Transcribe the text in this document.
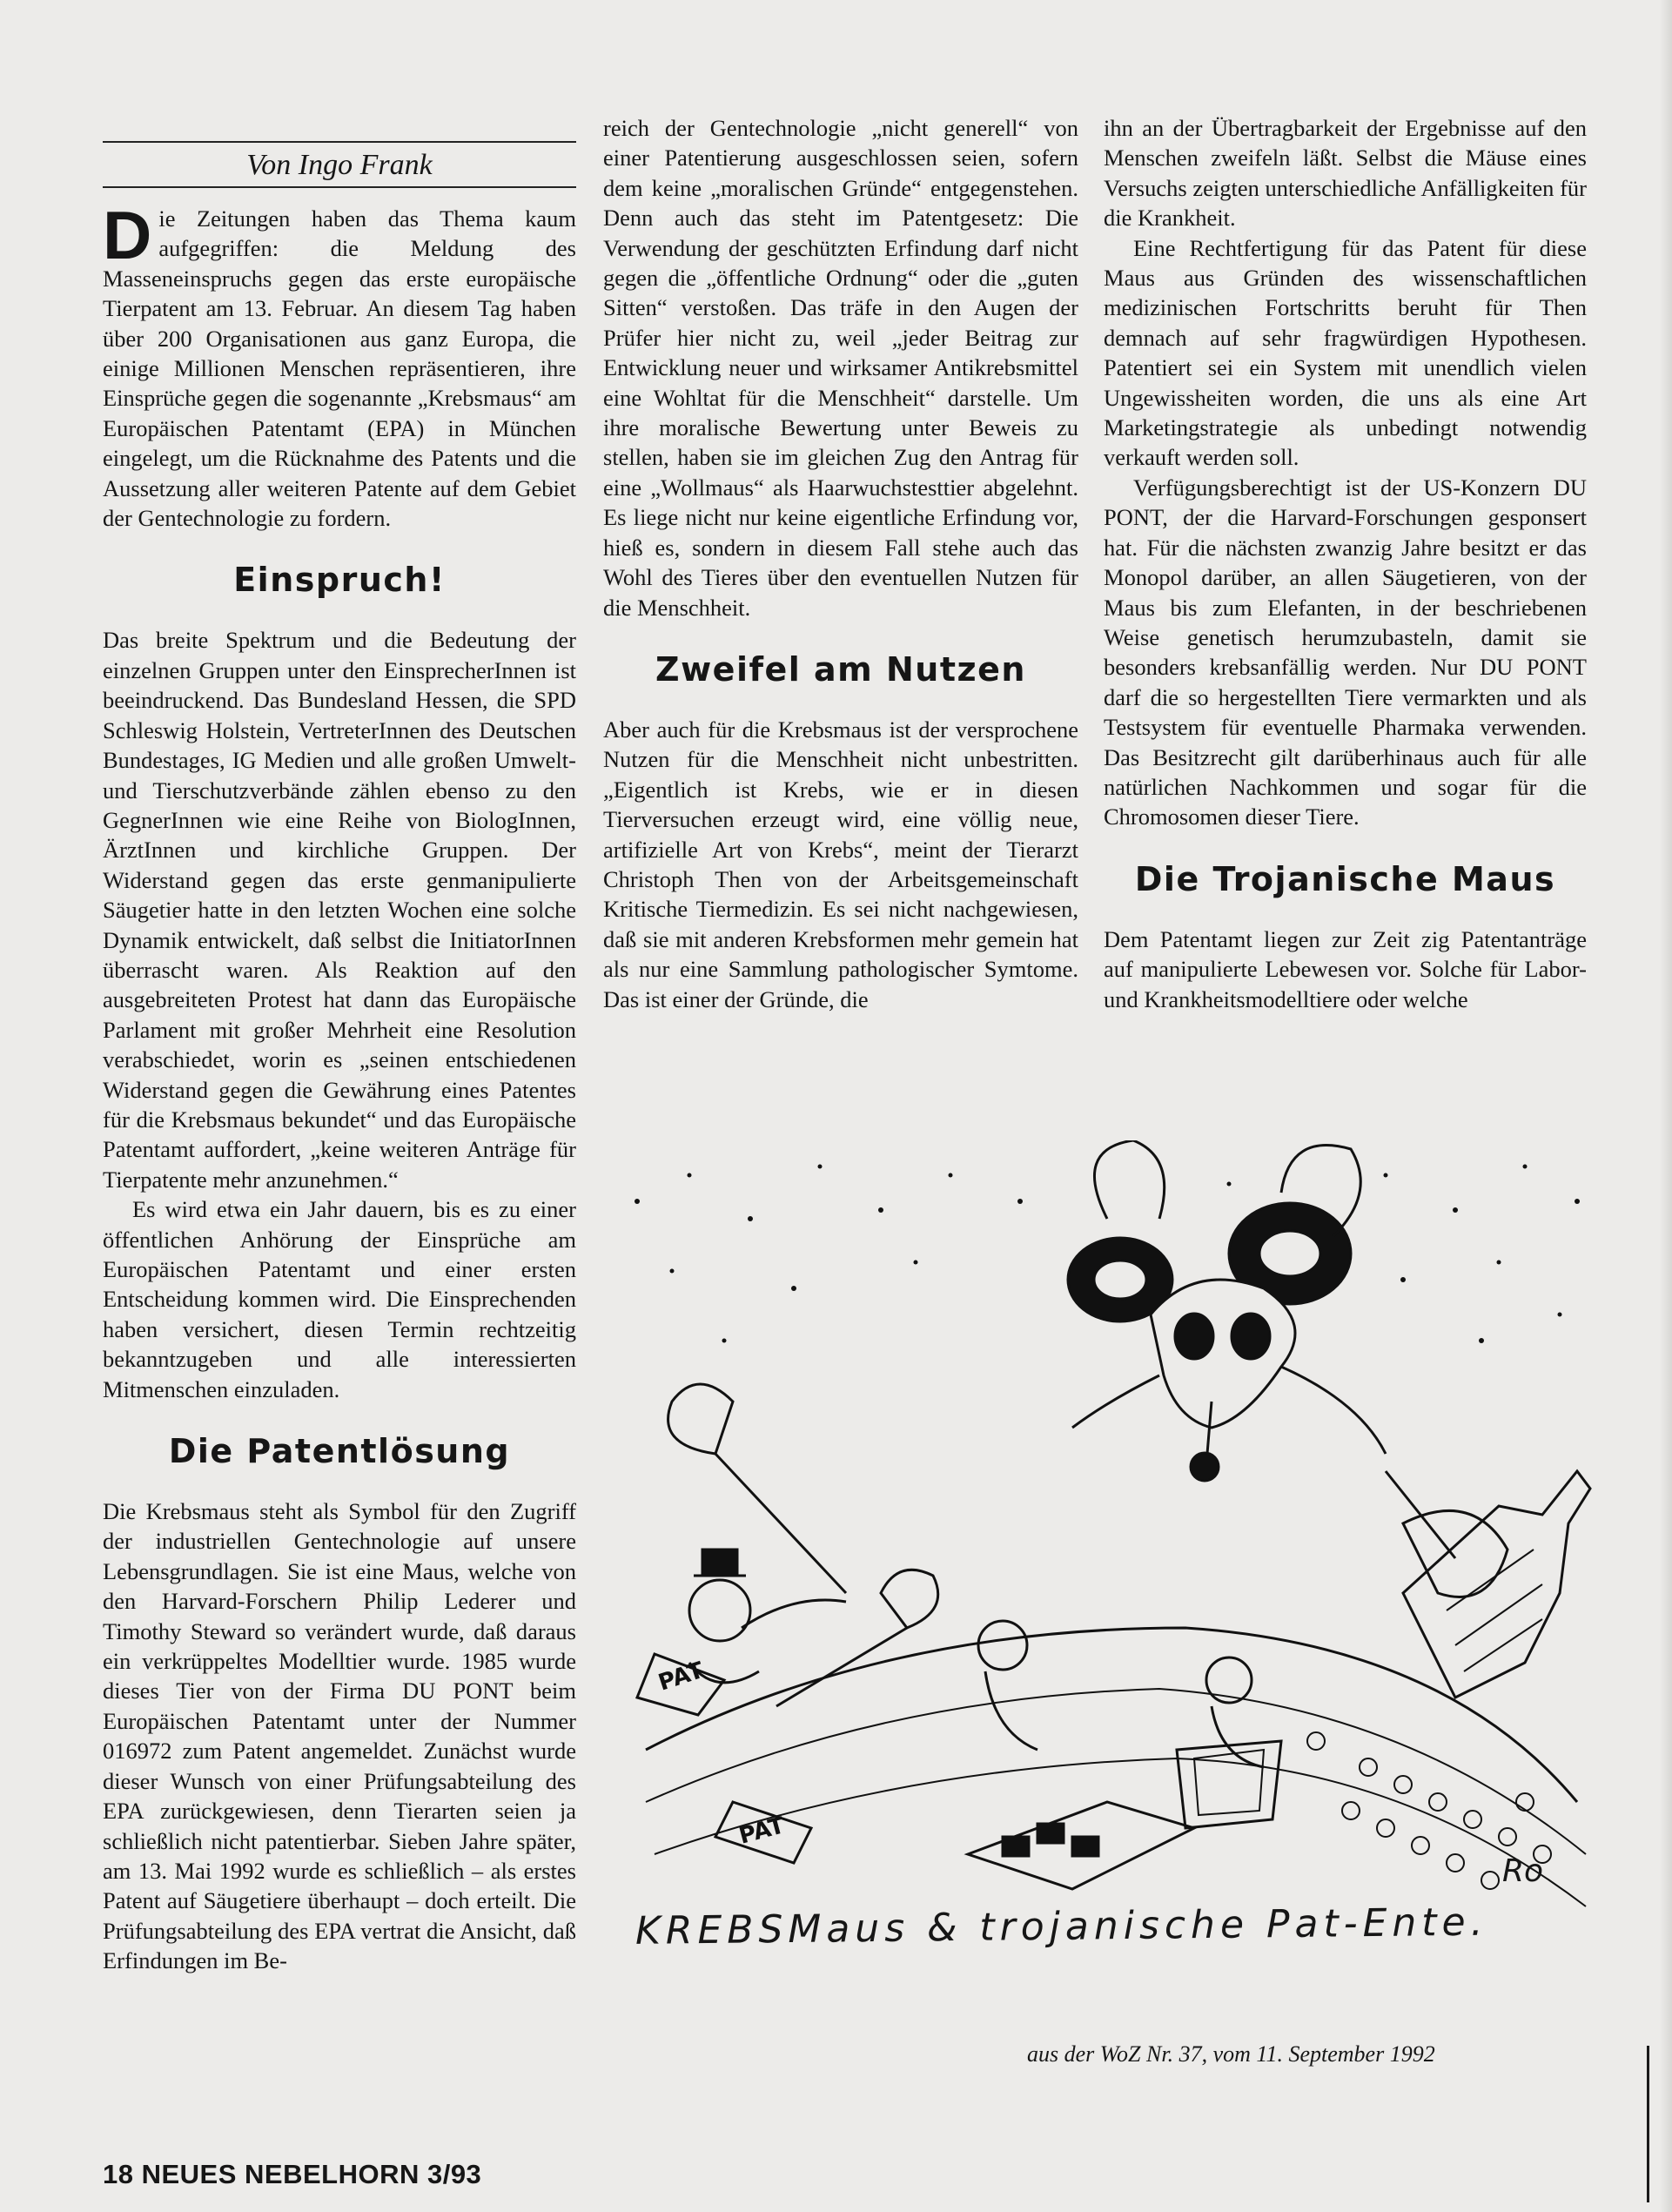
Von Ingo Frank

Die Zeitungen haben das Thema kaum aufgegriffen: die Meldung des Masseneinspruchs gegen das erste europäische Tierpatent am 13. Februar. An diesem Tag haben über 200 Organisationen aus ganz Europa, die einige Millionen Menschen repräsentieren, ihre Einsprüche gegen die sogenannte „Krebsmaus“ am Europäischen Patentamt (EPA) in München eingelegt, um die Rücknahme des Patents und die Aussetzung aller weiteren Patente auf dem Gebiet der Gentechnologie zu fordern.

Einspruch!

Das breite Spektrum und die Bedeutung der einzelnen Gruppen unter den EinsprecherInnen ist beeindruckend. Das Bundesland Hessen, die SPD Schleswig Holstein, VertreterInnen des Deutschen Bundestages, IG Medien und alle großen Umwelt- und Tierschutzverbände zählen ebenso zu den GegnerInnen wie eine Reihe von BiologInnen, ÄrztInnen und kirchliche Gruppen. Der Widerstand gegen das erste genmanipulierte Säugetier hatte in den letzten Wochen eine solche Dynamik entwickelt, daß selbst die InitiatorInnen überrascht waren. Als Reaktion auf den ausgebreiteten Protest hat dann das Europäische Parlament mit großer Mehrheit eine Resolution verabschiedet, worin es „seinen entschiedenen Widerstand gegen die Gewährung eines Patentes für die Krebsmaus bekundet“ und das Europäische Patentamt auffordert, „keine weiteren Anträge für Tierpatente mehr anzunehmen.“

Es wird etwa ein Jahr dauern, bis es zu einer öffentlichen Anhörung der Einsprüche am Europäischen Patentamt und einer ersten Entscheidung kommen wird. Die Einsprechenden haben versichert, diesen Termin rechtzeitig bekanntzugeben und alle interessierten Mitmenschen einzuladen.

Die Patentlösung

Die Krebsmaus steht als Symbol für den Zugriff der industriellen Gentechnologie auf unsere Lebensgrundlagen. Sie ist eine Maus, welche von den Harvard-Forschern Philip Lederer und Timothy Steward so verändert wurde, daß daraus ein verkrüppeltes Modelltier wurde. 1985 wurde dieses Tier von der Firma DU PONT beim Europäischen Patentamt unter der Nummer 016972 zum Patent angemeldet. Zunächst wurde dieser Wunsch von einer Prüfungsabteilung des EPA zurückgewiesen, denn Tierarten seien ja schließlich nicht patentierbar. Sieben Jahre später, am 13. Mai 1992 wurde es schließlich – als erstes Patent auf Säugetiere überhaupt – doch erteilt. Die Prüfungsabteilung des EPA vertrat die Ansicht, daß Erfindungen im Be-

reich der Gentechnologie „nicht generell“ von einer Patentierung ausgeschlossen seien, sofern dem keine „moralischen Gründe“ entgegenstehen. Denn auch das steht im Patentgesetz: Die Verwendung der geschützten Erfindung darf nicht gegen die „öffentliche Ordnung“ oder die „guten Sitten“ verstoßen. Das träfe in den Augen der Prüfer hier nicht zu, weil „jeder Beitrag zur Entwicklung neuer und wirksamer Antikrebsmittel eine Wohltat für die Menschheit“ darstelle. Um ihre moralische Bewertung unter Beweis zu stellen, haben sie im gleichen Zug den Antrag für eine „Wollmaus“ als Haarwuchstesttier abgelehnt. Es liege nicht nur keine eigentliche Erfindung vor, hieß es, sondern in diesem Fall stehe auch das Wohl des Tieres über den eventuellen Nutzen für die Menschheit.

Zweifel am Nutzen

Aber auch für die Krebsmaus ist der versprochene Nutzen für die Menschheit nicht unbestritten. „Eigentlich ist Krebs, wie er in diesen Tierversuchen erzeugt wird, eine völlig neue, artifizielle Art von Krebs“, meint der Tierarzt Christoph Then von der Arbeitsgemeinschaft Kritische Tiermedizin. Es sei nicht nachgewiesen, daß sie mit anderen Krebsformen mehr gemein hat als nur eine Sammlung pathologischer Symtome. Das ist einer der Gründe, die

ihn an der Übertragbarkeit der Ergebnisse auf den Menschen zweifeln läßt. Selbst die Mäuse eines Versuchs zeigten unterschiedliche Anfälligkeiten für die Krankheit.

Eine Rechtfertigung für das Patent für diese Maus aus Gründen des wissenschaftlichen medizinischen Fortschritts beruht für Then demnach auf sehr fragwürdigen Hypothesen. Patentiert sei ein System mit unendlich vielen Ungewissheiten worden, die uns als eine Art Marketingstrategie als unbedingt notwendig verkauft werden soll.

Verfügungsberechtigt ist der US-Konzern DU PONT, der die Harvard-Forschungen gesponsert hat. Für die nächsten zwanzig Jahre besitzt er das Monopol darüber, an allen Säugetieren, von der Maus bis zum Elefanten, in der beschriebenen Weise genetisch herumzubasteln, damit sie besonders krebsanfällig werden. Nur DU PONT darf die so hergestellten Tiere vermarkten und als Testsystem für eventuelle Pharmaka verwenden. Das Besitzrecht gilt darüberhinaus auch für alle natürlichen Nachkommen und sogar für die Chromosomen dieser Tiere.

Die Trojanische Maus

Dem Patentamt liegen zur Zeit zig Patentanträge auf manipulierte Lebewesen vor. Solche für Labor- und Krankheitsmodelltiere oder welche

PAT
PAT
Ro
KREBSMaus & trojanische Pat-Ente.
aus der WoZ Nr. 37, vom 11. September 1992
18 NEUES NEBELHORN 3/93
